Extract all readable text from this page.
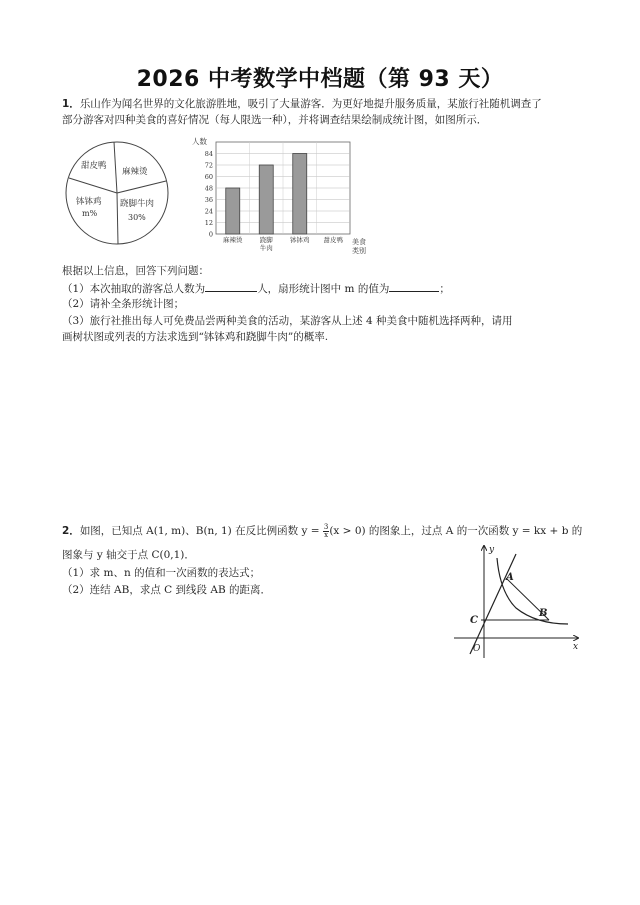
2026 中考数学中档题（第 93 天）
1．乐山作为闻名世界的文化旅游胜地，吸引了大量游客．为更好地提升服务质量，某旅行社随机调查了
部分游客对四种美食的喜好情况（每人限选一种），并将调查结果绘制成统计图，如图所示．
甜皮鸭
麻辣烫
钵钵鸡
m%
跷脚牛肉
30%
人数
84
72
60
48
36
24
12
0
麻辣烫	跷脚
牛肉
钵钵鸡 甜皮鸭 美食
类别
根据以上信息，回答下列问题：
（1）本次抽取的游客总人数为	人，扇形统计图中 m 的值为	；
（2）请补全条形统计图；
（3）旅行社推出每人可免费品尝两种美食的活动，某游客从上述 4 种美食中随机选择两种，请用
画树状图或列表的方法求选到“钵钵鸡和跷脚牛肉”的概率.
2．如图，已知点 A(1, m)、B(n, 1) 在反比例函数 $y = \frac{3}{x} (x > 0)$ 的图象上，过点 A 的一次函数 y = kx + b 的
图象与 y 轴交于点 C(0,1)．
（1）求 m、n 的值和一次函数的表达式；
（2）连结 AB，求点 C 到线段 AB 的距离．
y
x
A
B
C
O
